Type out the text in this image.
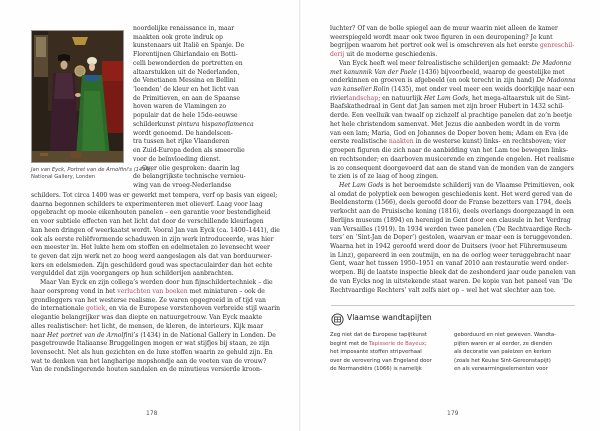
Jan van Eyck, Portret van de Arnolfini's (1434),

National Gallery, Londen

noordelijke renaissance in, maar

maakten ook grote indruk op

kunstenaars uit Italië en Spanje. De

Florentijnen Ghirlandaio en Botti-

celli bewonderden de portretten en

altaarstukken uit de Nederlanden,

de Venetianen Messina en Bellini

‘leenden’ de kleur en het licht van

de Primitieven, en aan de Spaanse

hoven waren de Vlamingen zo

populair dat de hele 15de-eeuwse

schilderkunst pintura hispanoflamenca

wordt genoemd. De handelscen-

tra tussen het rijke Vlaanderen

en Zuid-Europa deden als smeerolie

voor de beïnvloeding dienst.

Over olie gesproken: daarin lag

de belangrijkste technische vernieu-

wing van de vroeg-Nederlandse

schilders. Tot circa 1400 was er gewerkt met tempera, verf op basis van eigeel;

daarna begonnen schilders te experimenteren met olieverf. Laag voor laag

opgebracht op mooie eikenhouten panelen – een garantie voor bestendigheid

en voor subtiele effecten van het licht dat door de verschillende kleurlagen

kan heen dringen of weerkaatst wordt. Vooral Jan van Eyck (ca. 1400–1441), die

ook als eerste reliëfvormende schaduwen in zijn werk introduceerde, was hier

een meester in. Het lukte hem om stoffen en edelmetalen zo levensecht weer

te geven dat zijn werk net zo hoog werd aangeslagen als dat van borduurwer-

kers en edelsmeden. Zijn geschilderd goud was spectaculairder dan het echte

vergulddel dat zijn voorgangers op hun schilderijen aanbrachten.

Maar Van Eyck en zijn collega’s werden door hun fijnschildertechniek – die

haar oorsprong vond in het verluchten van boeken met miniaturen – ook de

grondleggers van het westerse realisme. Ze waren opgegroeid in of tijd van

de internationale gotiek, en via de Europese vorstenhoven verbreide stijl waarin

elegantie belangrijker was dan diepte en natuurgetrouw. Van Eyck maakte

alles realistischer: het licht, de mensen, de kleren, de interieurs. Kijk maar

naar Het portret van de Arnolfini’s (1434) in de National Gallery in Londen. De

pasgetrouwde Italiaanse Bruggelingen mogen er wat stijfjes bij staan, ze zijn

levensecht. Net als hun gezichten en de luxe stoffen waarin ze gehuld zijn. En

wat te denken van het langharige mopshondje aan de voeten van de vrouw?

Van de rondslingerende houten sandalen en de minutieus versierde kroon-

178

luchter? Of van de bolle spiegel aan de muur waarin niet alleen de kamer

weerspiegeld wordt maar ook twee figuren in een deuropening? Je kunt

begrijpen waarom het portret ook wel is omschreven als het eerste genreschil-

derij uit de moderne geschiedenis.

Van Eyck heeft wel meer felrealistische schilderijen gemaakt: De Madonna

met kanunnik Van der Paele (1436) bijvoorbeeld, waarop de geestelijke met

onderkinnen en groeven is afgebeeld (en ook terecht in zijn hand) De Madonna

van kanselier Rolin (1435), met onder veel meer een weids doorkijkje naar een

rivierlandschap; en natuurlijk Het Lam Gods, het mega-altaarstuk uit de Sint-

Baafskathedraal in Gent dat Jan samen met zijn broer Hubert in 1432 schil-

derde. Een veelluik van twaalf op zichzelf al prachtige panelen dat zo’n beetje

het hele christendom samenvat. Met Jezus die aanbeden wordt in de vorm

van een lam; Maria, God en Johannes de Doper boven hem; Adam en Eva (de

eerste realistische naakten in de westerse kunst) links- en rechtsboven; vier

groepen figuren die zich naar de aanbidding van het Lam toe bewegen links-

en rechtsonder; en daarboven musicerende en zingende engelen. Het realisme

is zo consequent doorgevoerd dat aan de stand van de monden van de zangers

te zien is of ze laag of hoog zingen.

Het Lam Gods is het beroemdste schilderij van de Vlaamse Primitieven, ook

al omdat de polyptiek een bewogen geschiedenis kent. Het werd gered van de

Beeldenstorm (1566), deels geroofd door de Franse bezetters van 1794, deels

verkocht aan de Pruisische koning (1816), deels overlangs doorgezaagd in een

Berlijns museum (1894) en herenigd in Gent door een clausule in het Verdrag

van Versailles (1919). In 1934 werden twee panelen (‘De Rechtvaardige Rech-

ters’ en ‘Sint-Jan de Doper’) gestolen, waarvan er maar een is teruggevonden.

Waarna het in 1942 geroofd werd door de Duitsers (voor het Führermuseum

in Linz), gepareerd in een zoutmijn, en na de oorlog weer teruggebracht naar

Gent, waar het tussen 1950–1951 en vanaf 2010 aan restauratie werd onder-

worpen. Bij de laatste inspectie bleek dat de zeshonderd jaar oude panelen van

de van Eycks nog in uitstekende staat waren. De kopie van het paneel van ‘De

Rechtvaardige Rechters’ valt zelfs niet op – wel het wat slechter aan toe.

Vlaamse wandtapijten

Zeg niet dat de Europese tapijtkunst

begint met de Tapisserie de Bayeux;

het imposante stoffen stripverhaal

over de verovering van Engeland door

de Normandiërs (1066) is namelijk

geborduurd en niet geweven. Wandta-

pijten waren er al eerder, ze dienden

als decoratie van paleizen en kerken

(zoals het Keulse Sint-Gereonstapijt)

en als verwarmingselementen voor

179
